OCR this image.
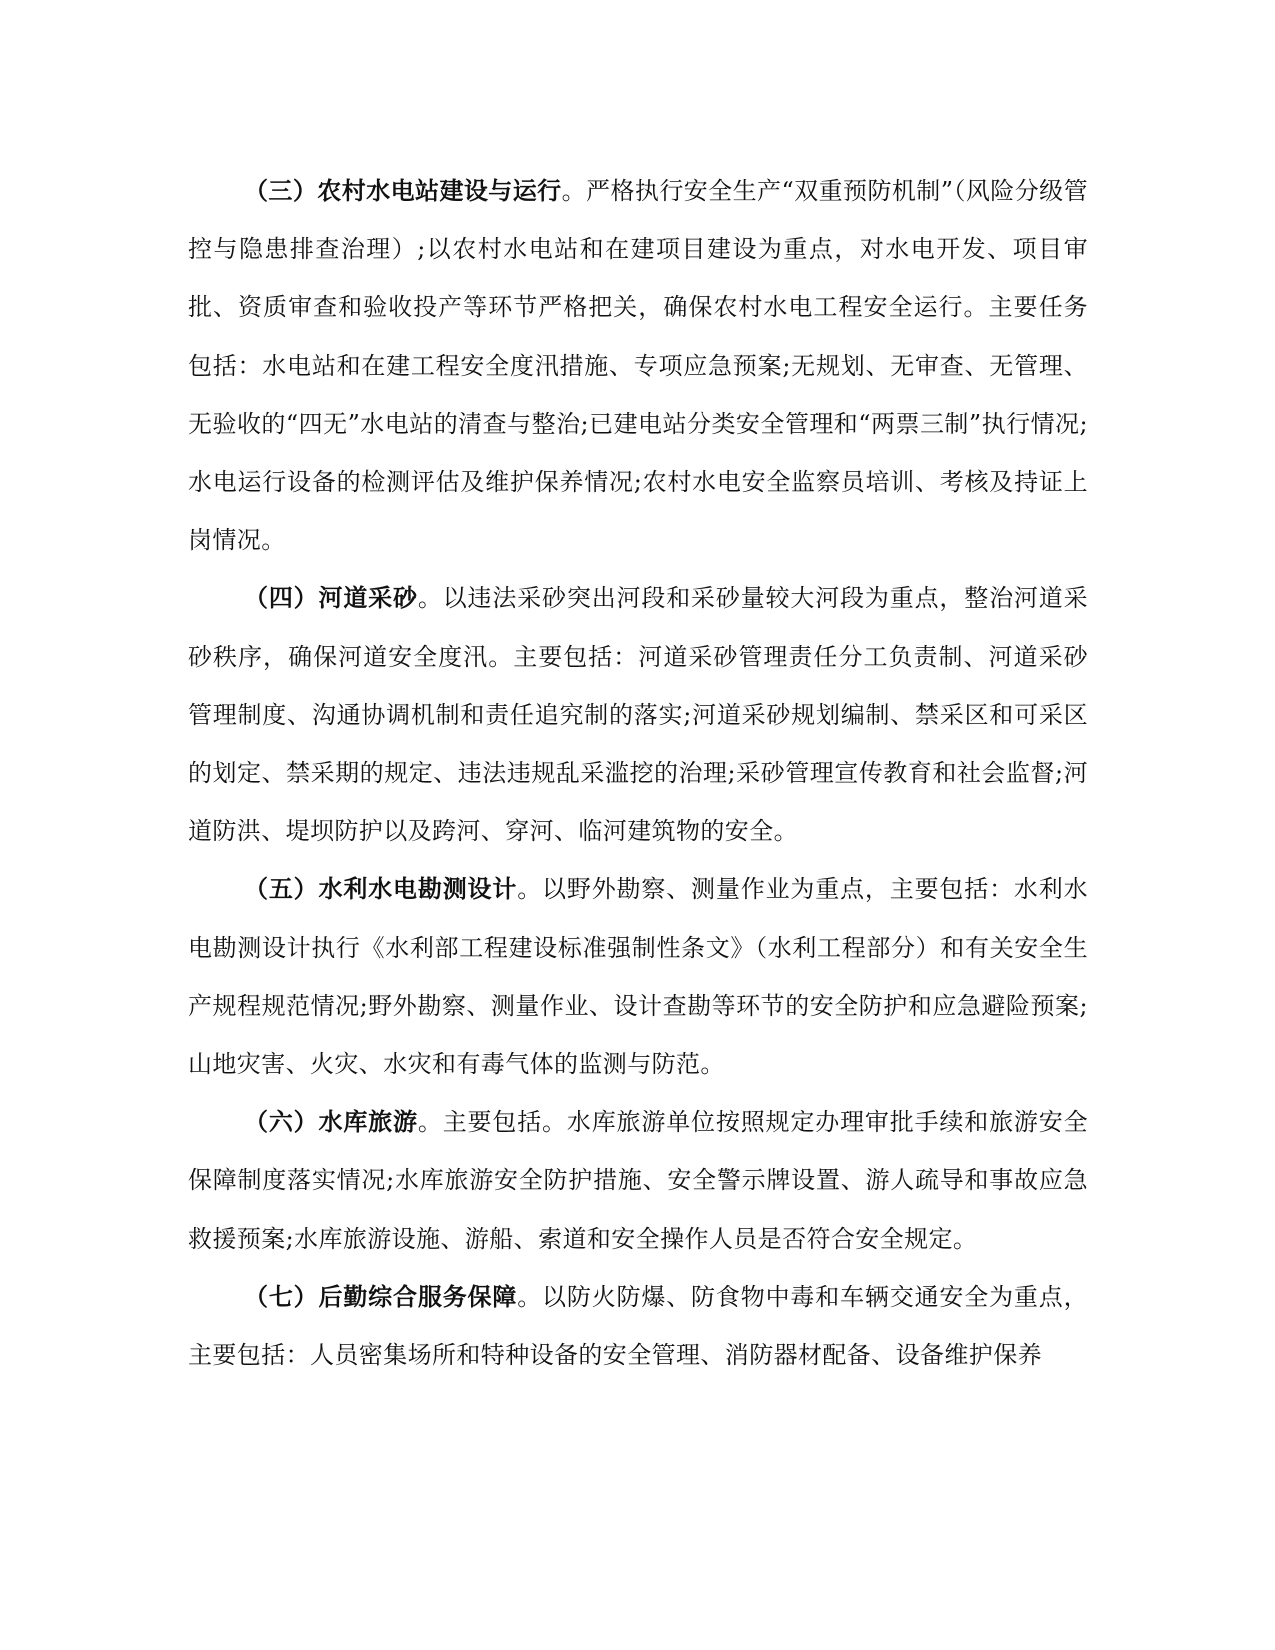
（三）农村水电站建设与运行。严格执行安全生产“双重预防机制”（风险分级管控与隐患排查治理）;以农村水电站和在建项目建设为重点，对水电开发、项目审批、资质审查和验收投产等环节严格把关，确保农村水电工程安全运行。主要任务包括：水电站和在建工程安全度汛措施、专项应急预案;无规划、无审查、无管理、无验收的“四无”水电站的清查与整治;已建电站分类安全管理和“两票三制”执行情况;水电运行设备的检测评估及维护保养情况;农村水电安全监察员培训、考核及持证上岗情况。

（四）河道采砂。以违法采砂突出河段和采砂量较大河段为重点，整治河道采砂秩序，确保河道安全度汛。主要包括：河道采砂管理责任分工负责制、河道采砂管理制度、沟通协调机制和责任追究制的落实;河道采砂规划编制、禁采区和可采区的划定、禁采期的规定、违法违规乱采滥挖的治理;采砂管理宣传教育和社会监督;河道防洪、堤坝防护以及跨河、穿河、临河建筑物的安全。

（五）水利水电勘测设计。以野外勘察、测量作业为重点，主要包括：水利水电勘测设计执行《水利部工程建设标准强制性条文》（水利工程部分）和有关安全生产规程规范情况;野外勘察、测量作业、设计查勘等环节的安全防护和应急避险预案;山地灾害、火灾、水灾和有毒气体的监测与防范。

（六）水库旅游。主要包括。水库旅游单位按照规定办理审批手续和旅游安全保障制度落实情况;水库旅游安全防护措施、安全警示牌设置、游人疏导和事故应急救援预案;水库旅游设施、游船、索道和安全操作人员是否符合安全规定。

（七）后勤综合服务保障。以防火防爆、防食物中毒和车辆交通安全为重点，主要包括：人员密集场所和特种设备的安全管理、消防器材配备、设备维护保养
